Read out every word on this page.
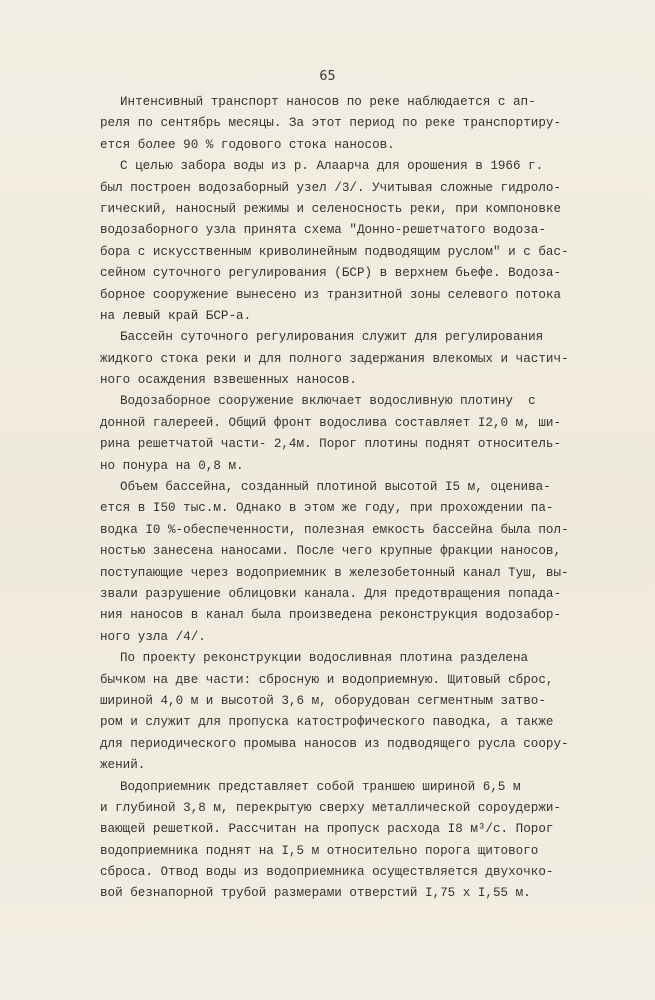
65
Интенсивный транспорт наносов по реке наблюдается с ап-
реля по сентябрь месяцы. За этот период по реке транспортиру-
ется более 90 % годового стока наносов.
С целью забора воды из р. Алаарча для орошения в 1966 г.
был построен водозаборный узел /3/. Учитывая сложные гидроло-
гический, наносный режимы и селеносность реки, при компоновке
водозаборного узла принята схема "Донно-решетчатого водоза-
бора с искусственным криволинейным подводящим руслом" и с бас-
сейном суточного регулирования (БСР) в верхнем бьефе. Водоза-
борное сооружение вынесено из транзитной зоны селевого потока
на левый край БСР-а.
Бассейн суточного регулирования служит для регулирования
жидкого стока реки и для полного задержания влекомых и частич-
ного осаждения взвешенных наносов.
Водозаборное сооружение включает водосливную плотину  с
донной галереей. Общий фронт водослива составляет I2,0 м, ши-
рина решетчатой части- 2,4м. Порог плотины поднят относитель-
но понура на 0,8 м.
Объем бассейна, созданный плотиной высотой I5 м, оценива-
ется в I50 тыс.м. Однако в этом же году, при прохождении па-
водка I0 %-обеспеченности, полезная емкость бассейна была пол-
ностью занесена наносами. После чего крупные фракции наносов,
поступающие через водоприемник в железобетонный канал Туш, вы-
звали разрушение облицовки канала. Для предотвращения попада-
ния наносов в канал была произведена реконструкция водозабор-
ного узла /4/.
По проекту реконструкции водосливная плотина разделена
бычком на две части: сбросную и водоприемную. Щитовый сброс,
шириной 4,0 м и высотой 3,6 м, оборудован сегментным затво-
ром и служит для пропуска катострофического паводка, а также
для периодического промыва наносов из подводящего русла соору-
жений.
Водоприемник представляет собой траншею шириной 6,5 м
и глубиной 3,8 м, перекрытую сверху металлической сороудержи-
вающей решеткой. Рассчитан на пропуск расхода I8 м³/с. Порог
водоприемника поднят на I,5 м относительно порога щитового
сброса. Отвод воды из водоприемника осуществляется двухочко-
вой безнапорной трубой размерами отверстий I,75 x I,55 м.
